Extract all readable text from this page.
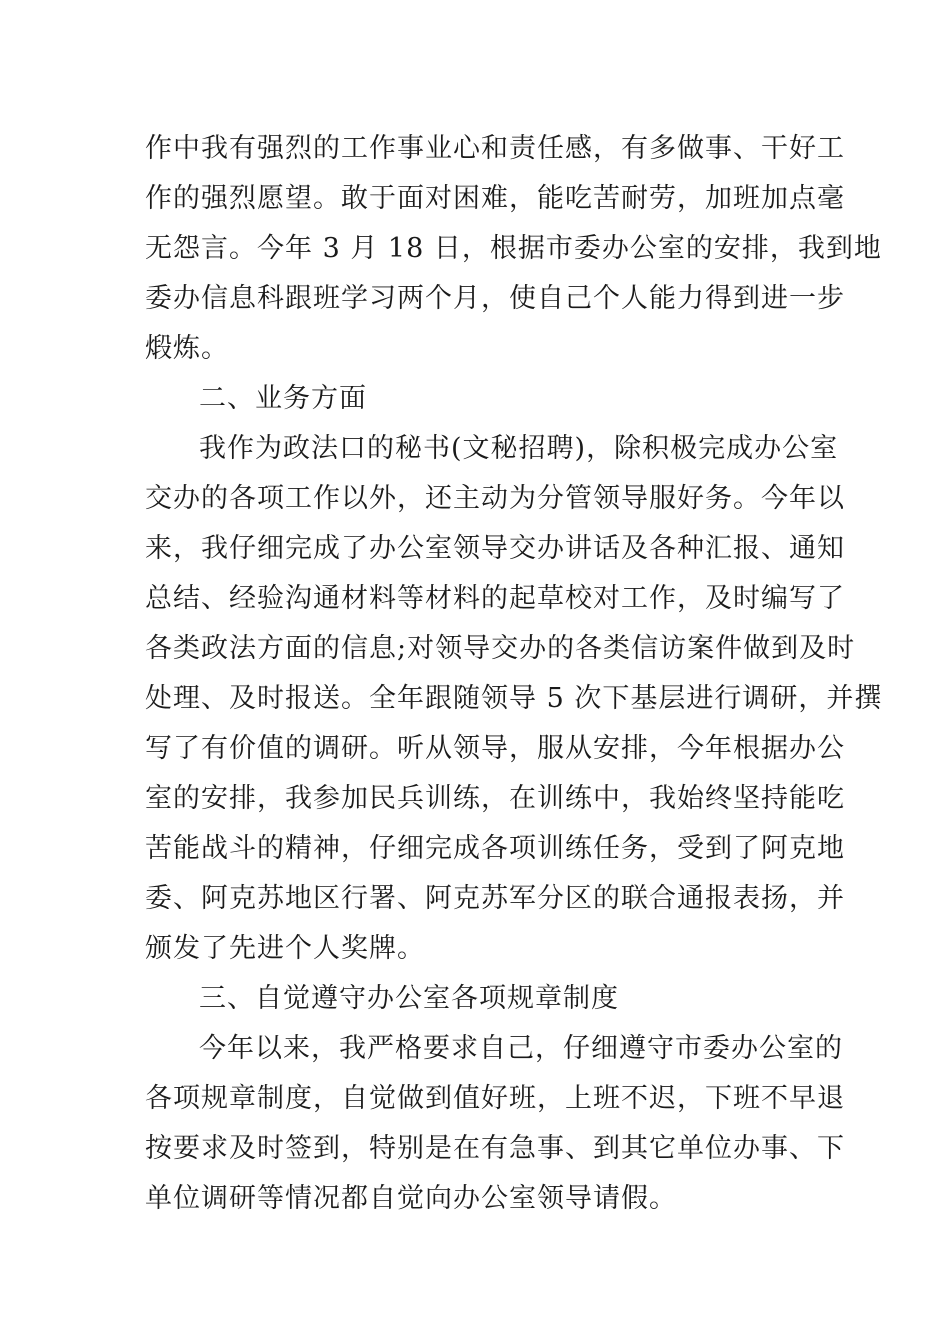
作中我有强烈的工作事业心和责任感，有多做事、干好工
作的强烈愿望。敢于面对困难，能吃苦耐劳，加班加点毫
无怨言。今年 3 月 18 日，根据市委办公室的安排，我到地
委办信息科跟班学习两个月，使自己个人能力得到进一步
煅炼。
二、业务方面
我作为政法口的秘书(文秘招聘)，除积极完成办公室
交办的各项工作以外，还主动为分管领导服好务。今年以
来，我仔细完成了办公室领导交办讲话及各种汇报、通知
总结、经验沟通材料等材料的起草校对工作，及时编写了
各类政法方面的信息;对领导交办的各类信访案件做到及时
处理、及时报送。全年跟随领导 5 次下基层进行调研，并撰
写了有价值的调研。听从领导，服从安排，今年根据办公
室的安排，我参加民兵训练，在训练中，我始终坚持能吃
苦能战斗的精神，仔细完成各项训练任务，受到了阿克地
委、阿克苏地区行署、阿克苏军分区的联合通报表扬，并
颁发了先进个人奖牌。
三、自觉遵守办公室各项规章制度
今年以来，我严格要求自己，仔细遵守市委办公室的
各项规章制度，自觉做到值好班，上班不迟，下班不早退
按要求及时签到，特别是在有急事、到其它单位办事、下
单位调研等情况都自觉向办公室领导请假。
